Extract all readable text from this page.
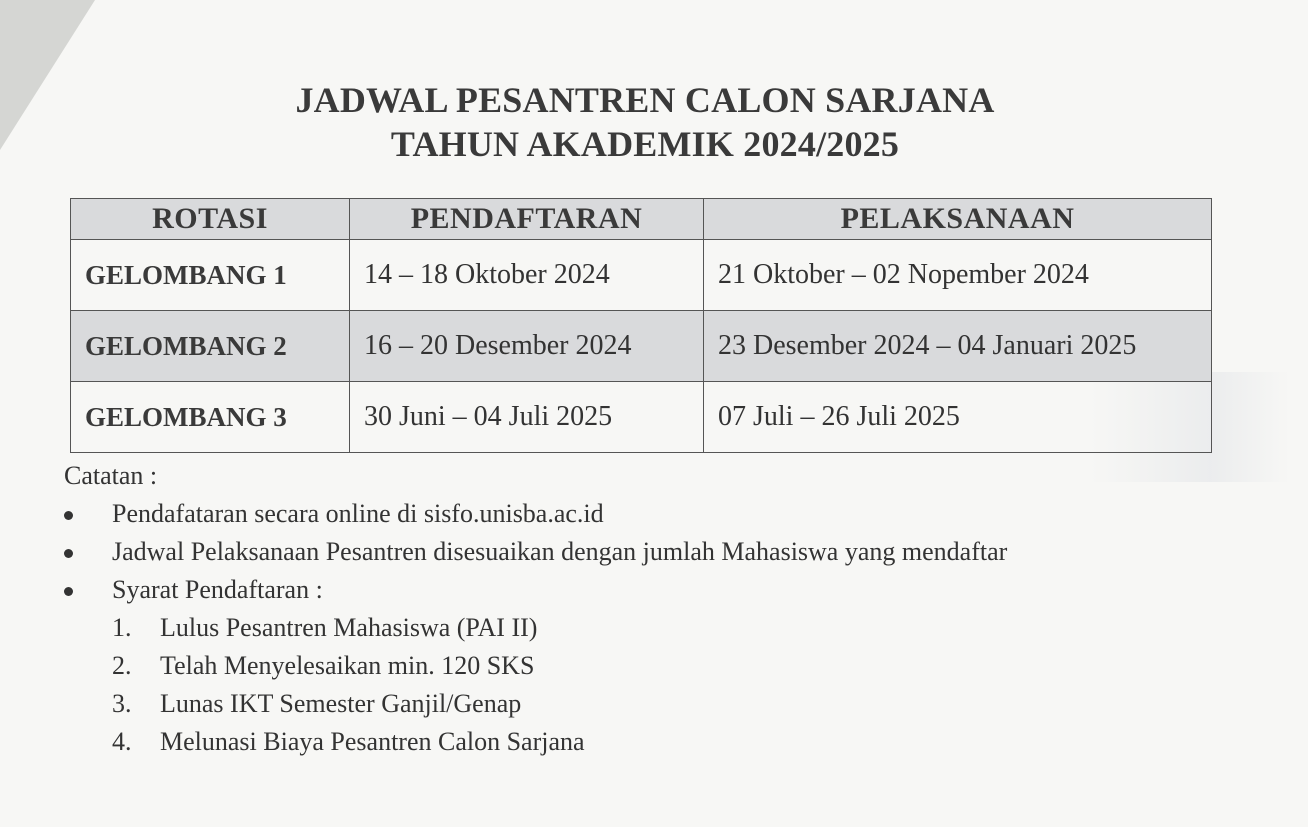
JADWAL PESANTREN CALON SARJANA
TAHUN AKADEMIK 2024/2025
ROTASI	PENDAFTARAN	PELAKSANAAN
GELOMBANG 1	14 – 18 Oktober 2024	21 Oktober – 02 Nopember 2024
GELOMBANG 2	16 – 20 Desember 2024	23 Desember 2024 – 04 Januari 2025
GELOMBANG 3	30 Juni – 04 Juli 2025	07 Juli – 26 Juli 2025
Catatan :
Pendafataran secara online di sisfo.unisba.ac.id
Jadwal Pelaksanaan Pesantren disesuaikan dengan jumlah Mahasiswa yang mendaftar
Syarat Pendaftaran :
1.	Lulus Pesantren Mahasiswa (PAI II)
2.	Telah Menyelesaikan min. 120 SKS
3.	Lunas IKT Semester Ganjil/Genap
4.	Melunasi Biaya Pesantren Calon Sarjana
